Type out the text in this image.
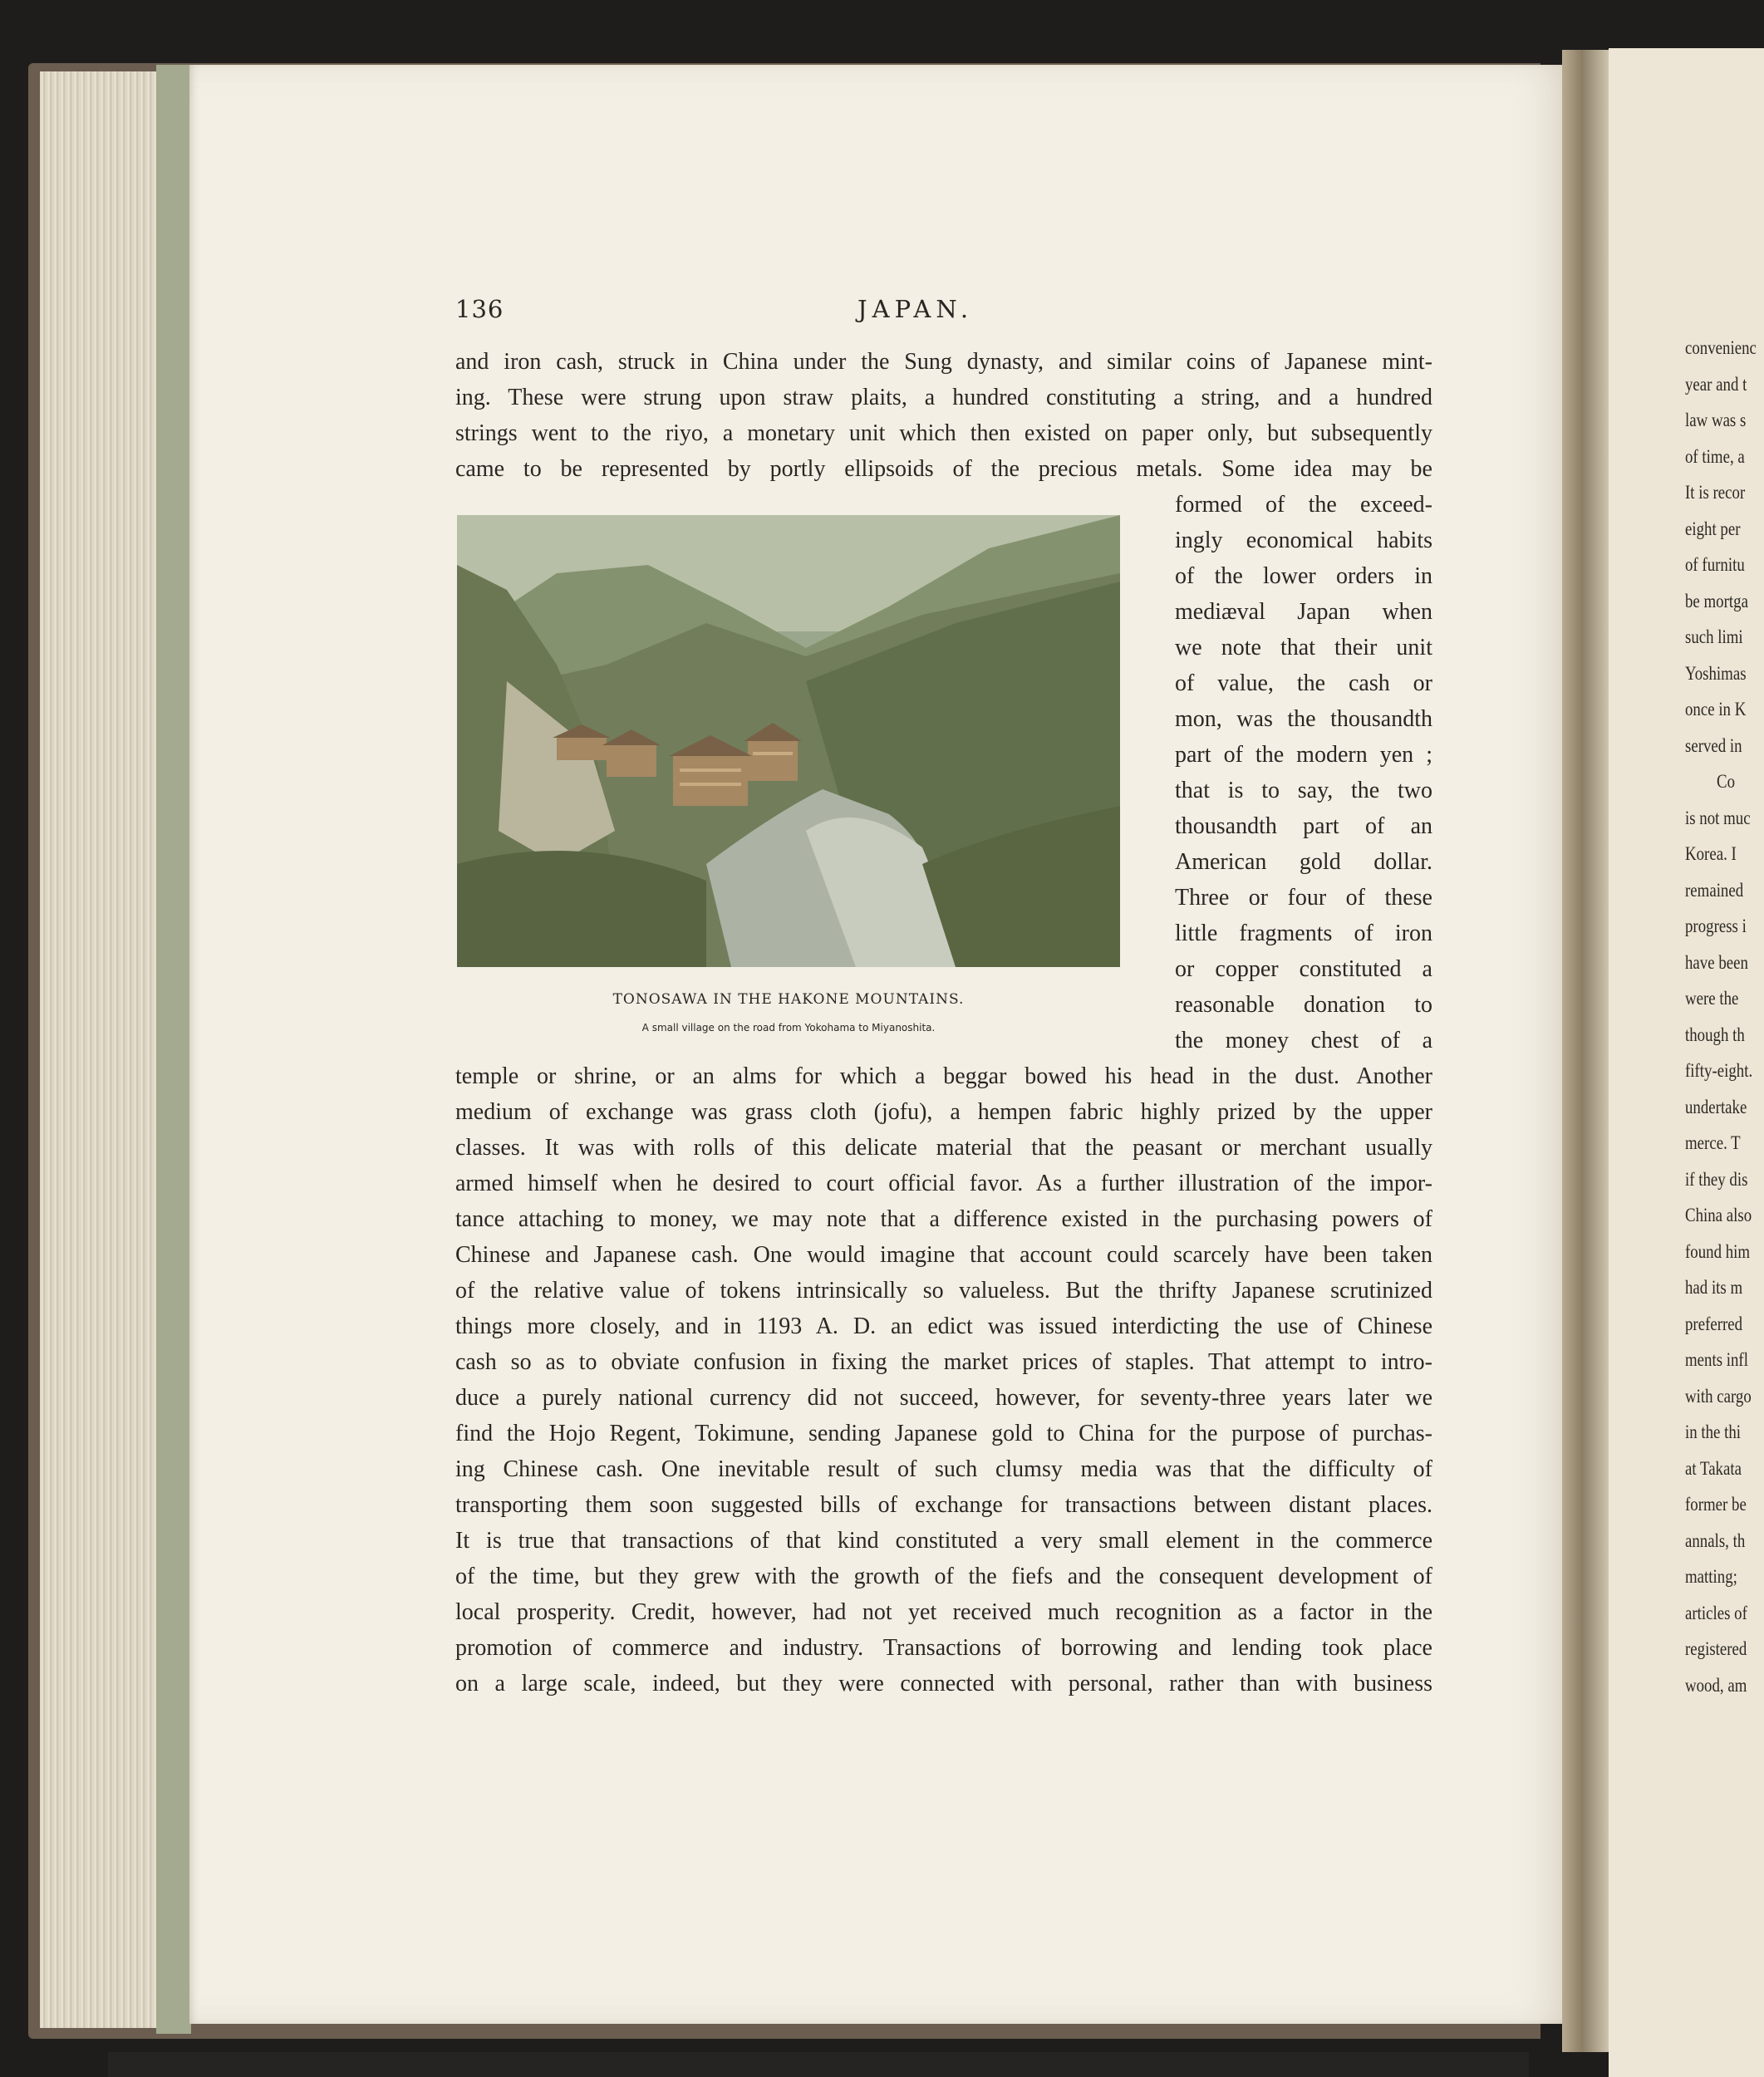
convenienc
year and t
law was s
of time, a
It is recor
eight per
of furnitu
be mortga
such limi
Yoshimas
once in K
served in
Co
is not muc
Korea. I
remained
progress i
have been
were the
though th
fifty-eight.
undertake
merce. T
if they dis
China also
found him
had its m
preferred
ments infl
with cargo
in the thi
at Takata
former be
annals, th
matting;
articles of
registered
wood, am
136	JAPAN.

and iron cash, struck in China under the Sung dynasty, and similar coins of Japanese mint-

ing. These were strung upon straw plaits, a hundred constituting a string, and a hundred

strings went to the riyo, a monetary unit which then existed on paper only, but subsequently

came to be represented by portly ellipsoids of the precious metals. Some idea may be

TONOSAWA IN THE HAKONE MOUNTAINS.
A small village on the road from Yokohama to Miyanoshita.

formed of the exceed-

ingly economical habits

of the lower orders in

mediæval Japan when

we note that their unit

of value, the cash or

mon, was the thousandth

part of the modern yen ;

that is to say, the two

thousandth part of an

American gold dollar.

Three or four of these

little fragments of iron

or copper constituted a

reasonable donation to

the money chest of a

temple or shrine, or an alms for which a beggar bowed his head in the dust. Another

medium of exchange was grass cloth (jofu), a hempen fabric highly prized by the upper

classes. It was with rolls of this delicate material that the peasant or merchant usually

armed himself when he desired to court official favor. As a further illustration of the impor-

tance attaching to money, we may note that a difference existed in the purchasing powers of

Chinese and Japanese cash. One would imagine that account could scarcely have been taken

of the relative value of tokens intrinsically so valueless. But the thrifty Japanese scrutinized

things more closely, and in 1193 A. D. an edict was issued interdicting the use of Chinese

cash so as to obviate confusion in fixing the market prices of staples. That attempt to intro-

duce a purely national currency did not succeed, however, for seventy-three years later we

find the Hojo Regent, Tokimune, sending Japanese gold to China for the purpose of purchas-

ing Chinese cash. One inevitable result of such clumsy media was that the difficulty of

transporting them soon suggested bills of exchange for transactions between distant places.

It is true that transactions of that kind constituted a very small element in the commerce

of the time, but they grew with the growth of the fiefs and the consequent development of

local prosperity. Credit, however, had not yet received much recognition as a factor in the

promotion of commerce and industry. Transactions of borrowing and lending took place

on a large scale, indeed, but they were connected with personal, rather than with business
